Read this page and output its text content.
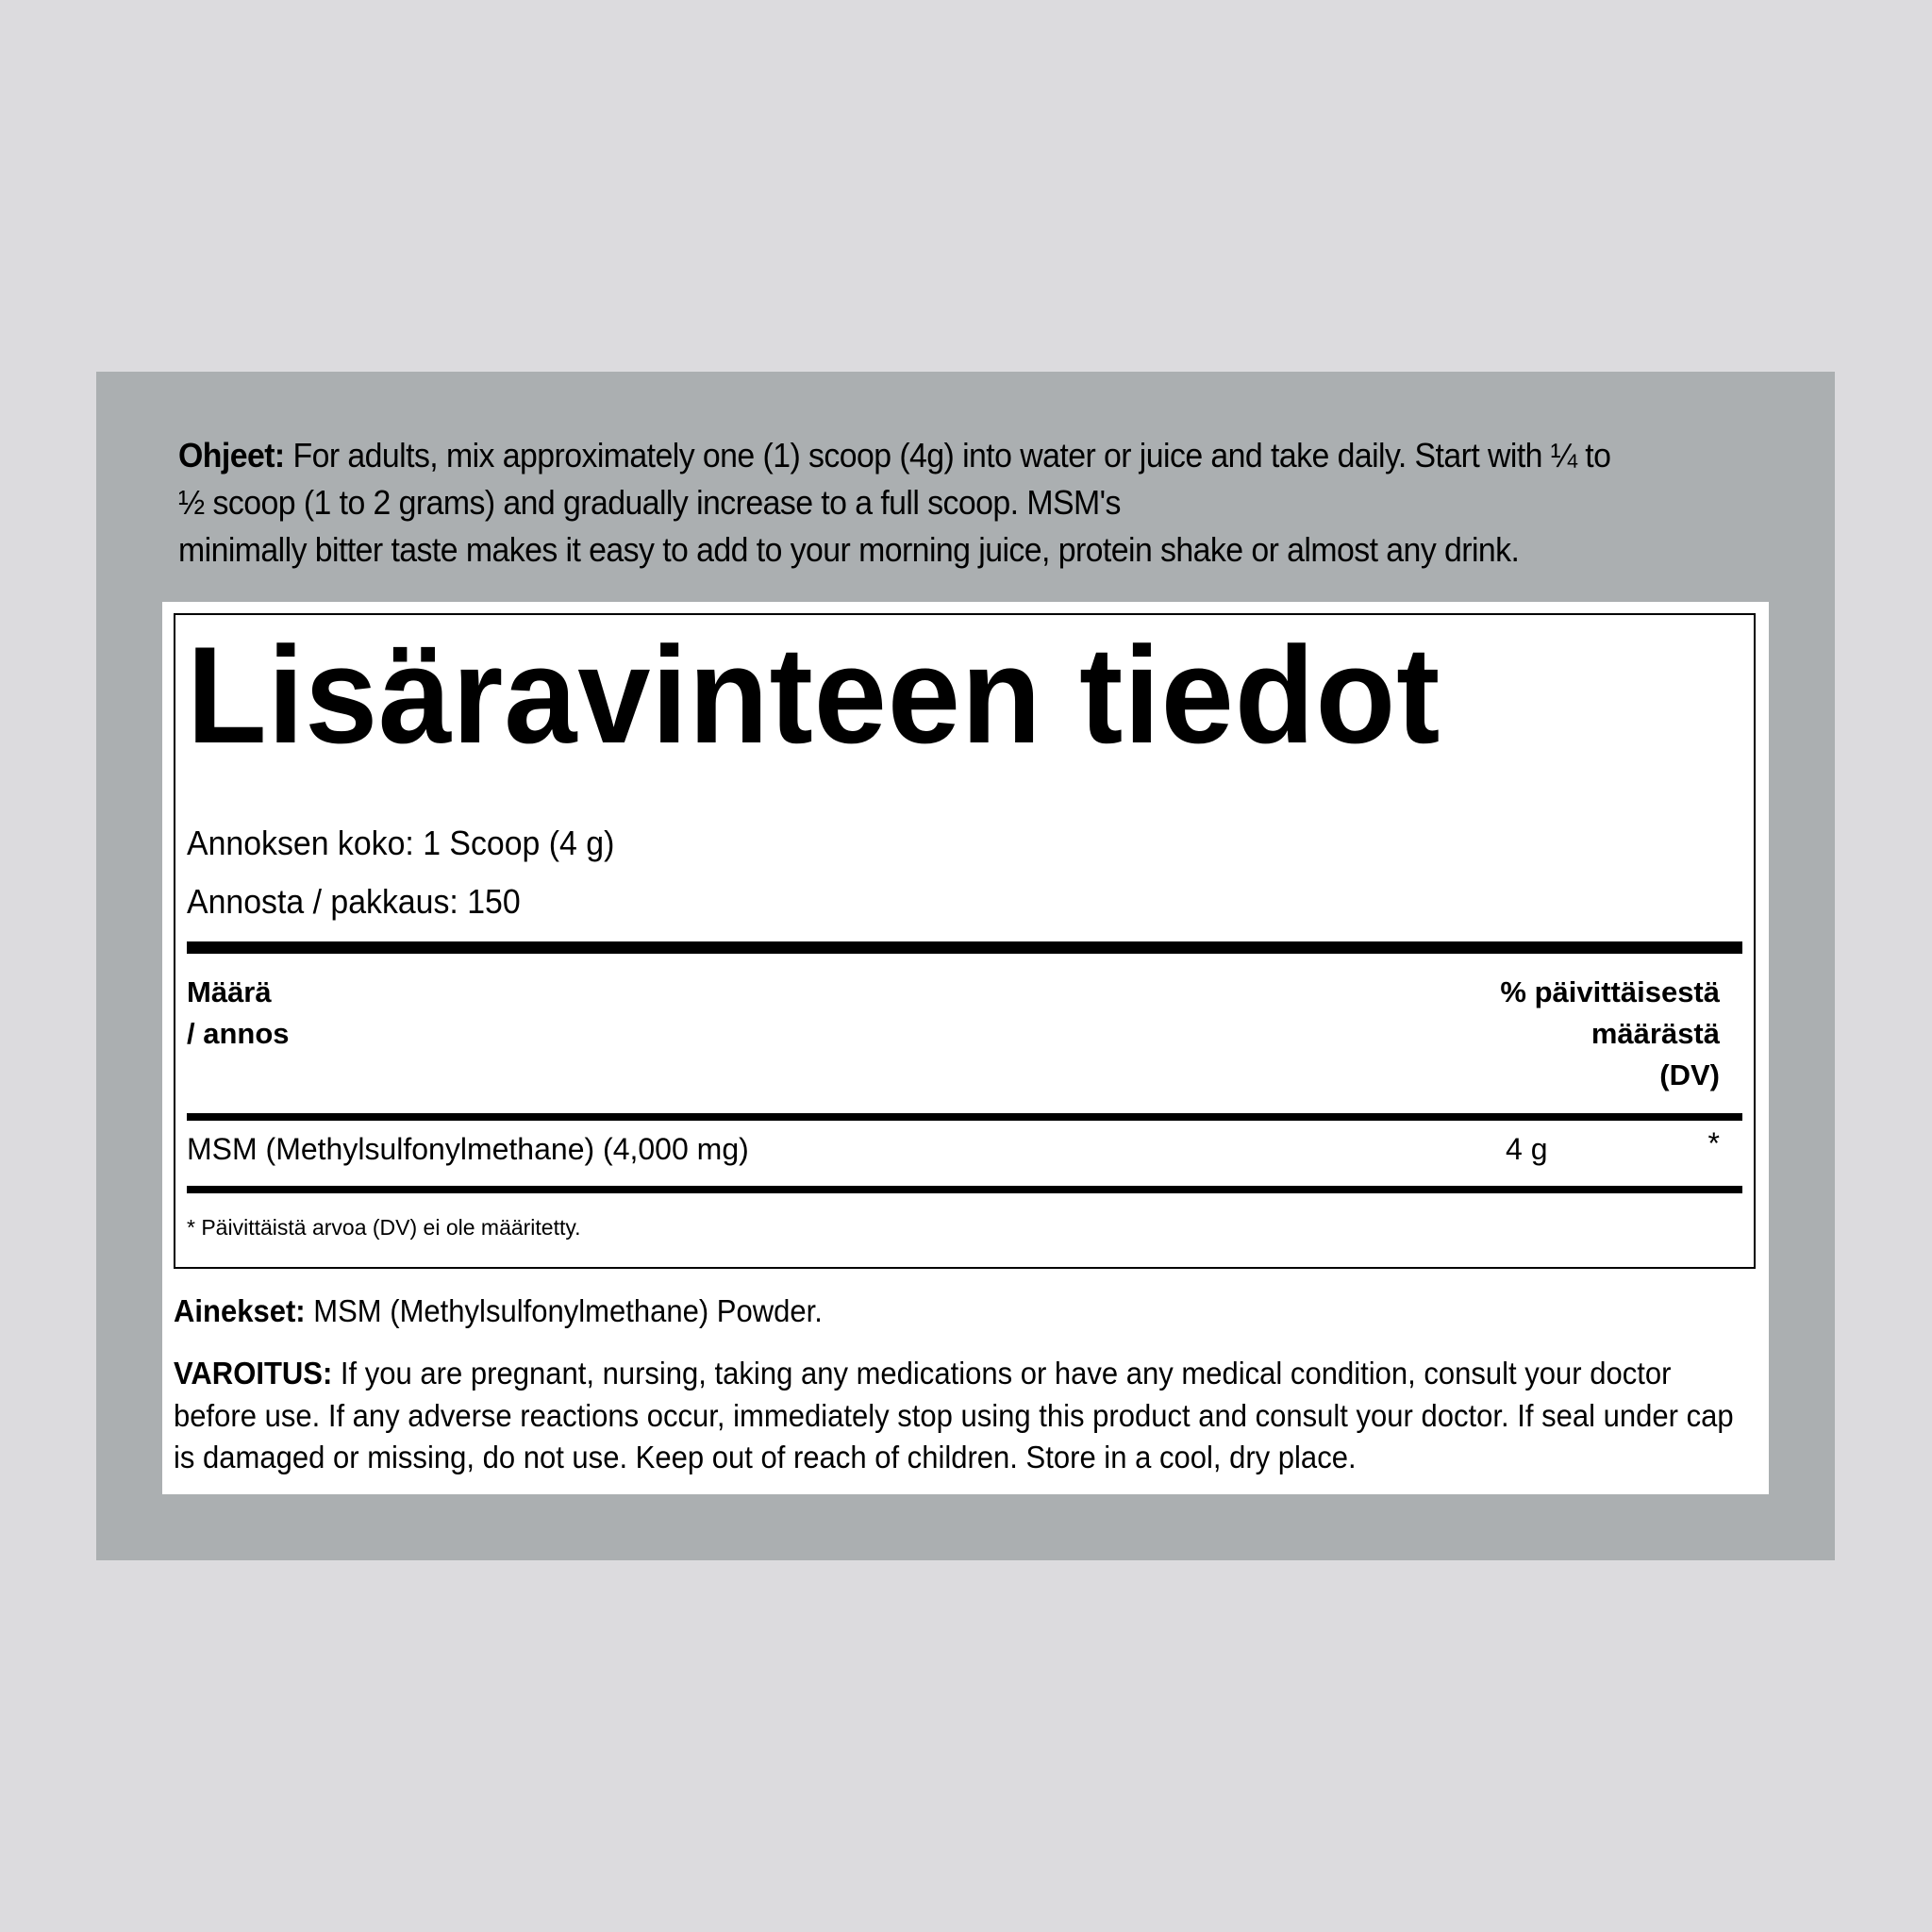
Ohjeet: For adults, mix approximately one (1) scoop (4g) into water or juice and take daily. Start with ¼ to
½ scoop (1 to 2 grams) and gradually increase to a full scoop. MSM's
minimally bitter taste makes it easy to add to your morning juice, protein shake or almost any drink.
Lisäravinteen tiedot
Annoksen koko: 1 Scoop (4 g)
Annosta / pakkaus: 150
Määrä
/ annos
% päivittäisestä
määrästä
(DV)
MSM (Methylsulfonylmethane) (4,000 mg)	4 g	*
* Päivittäistä arvoa (DV) ei ole määritetty.
Ainekset: MSM (Methylsulfonylmethane) Powder.
VAROITUS: If you are pregnant, nursing, taking any medications or have any medical condition, consult your doctor
before use. If any adverse reactions occur, immediately stop using this product and consult your doctor. If seal under cap
is damaged or missing, do not use. Keep out of reach of children. Store in a cool, dry place.
